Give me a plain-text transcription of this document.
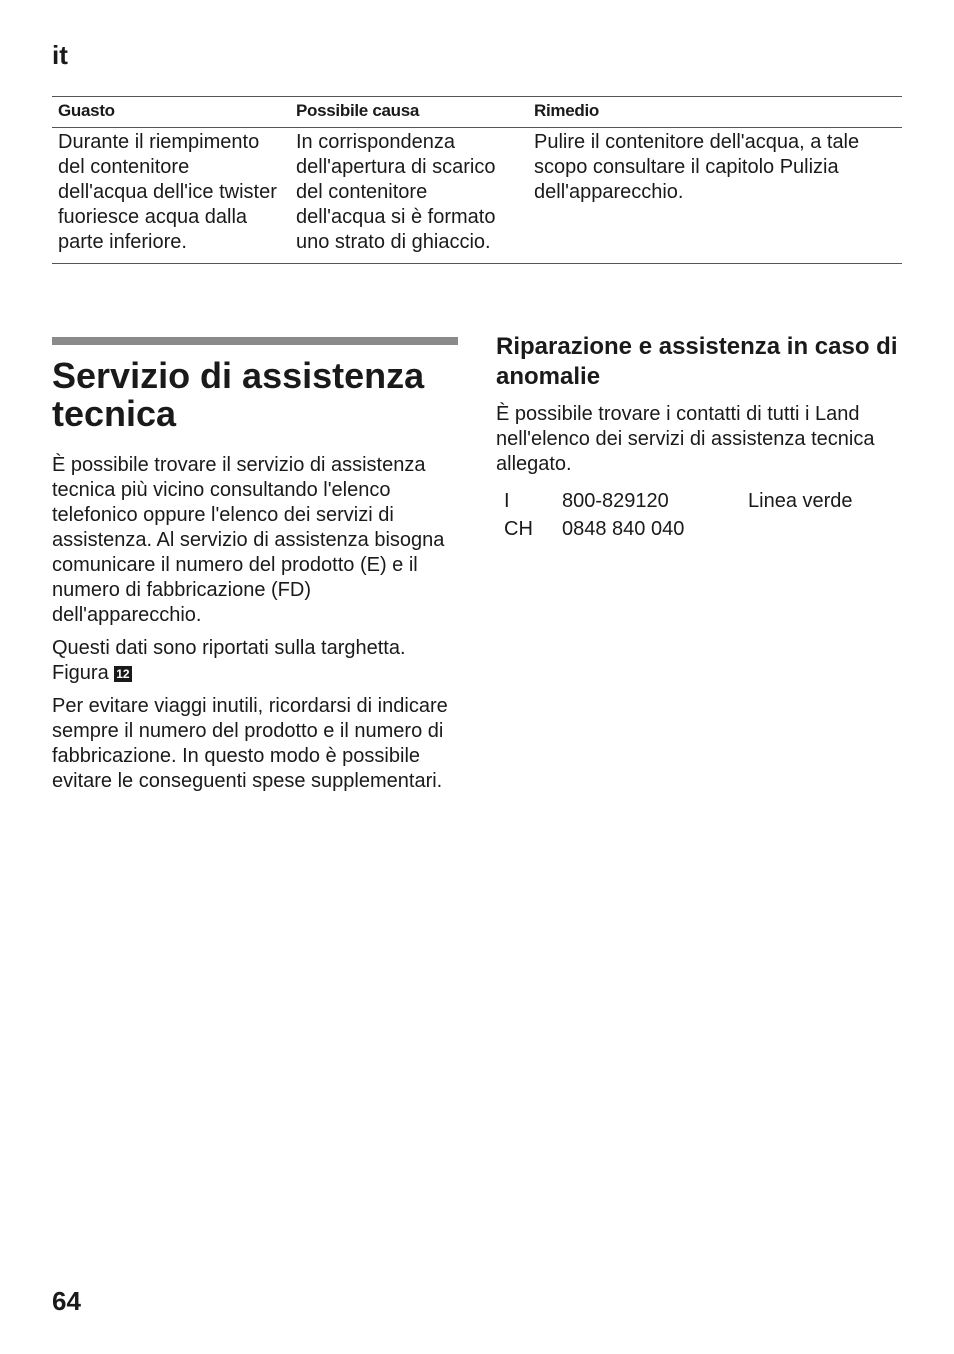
it
Guasto	Possibile causa	Rimedio
Durante il riempimento del contenitore dell'acqua dell'ice twister fuoriesce acqua dalla parte inferiore.	In corrispondenza dell'apertura di scarico del contenitore dell'acqua si è formato uno strato di ghiaccio.	Pulire il contenitore dell'acqua, a tale scopo consultare il capitolo Pulizia dell'apparecchio.
Servizio di assistenza tecnica

È possibile trovare il servizio di assistenza tecnica più vicino consultando l'elenco telefonico oppure l'elenco dei servizi di assistenza. Al servizio di assistenza bisogna comunicare il numero del prodotto (E) e il numero di fabbricazione (FD) dell'apparecchio.

Questi dati sono riportati sulla targhetta. Figura 12

Per evitare viaggi inutili, ricordarsi di indicare sempre il numero del prodotto e il numero di fabbricazione. In questo modo è possibile evitare le conseguenti spese supplementari.

Riparazione e assistenza in caso di anomalie

È possibile trovare i contatti di tutti i Land nell'elenco dei servizi di assistenza tecnica allegato.

I	800-829120	Linea verde
CH	0848 840 040	
64
